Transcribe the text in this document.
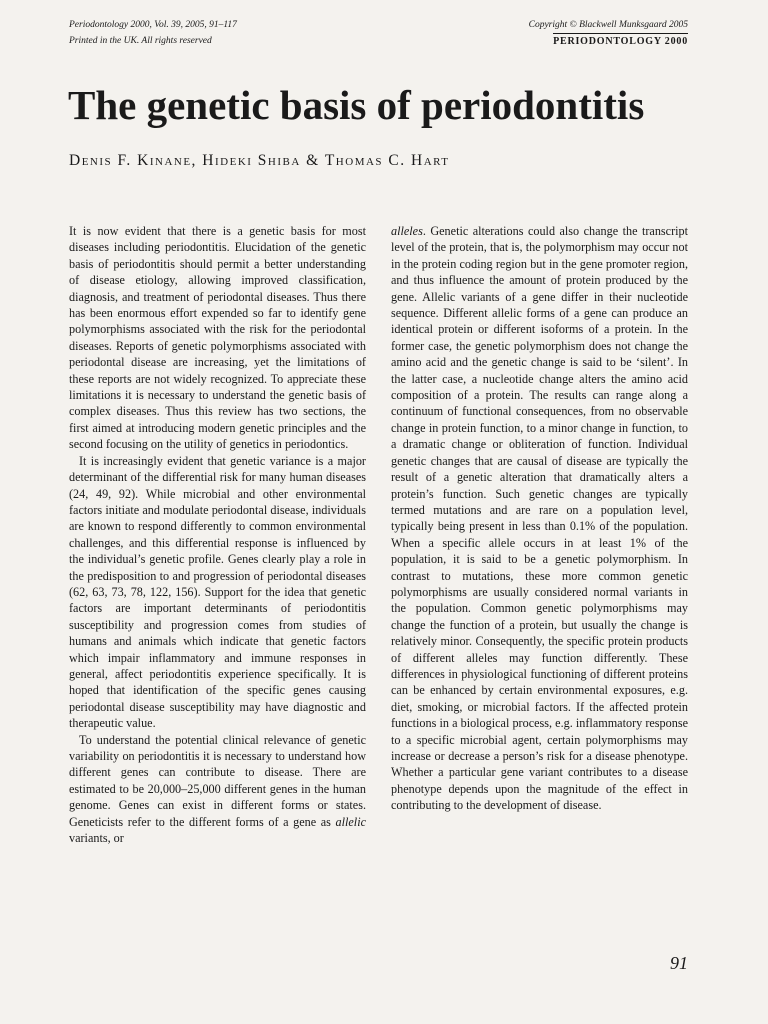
Periodontology 2000, Vol. 39, 2005, 91–117
Printed in the UK. All rights reserved
Copyright © Blackwell Munksgaard 2005
PERIODONTOLOGY 2000
The genetic basis of periodontitis
Denis F. Kinane, Hideki Shiba & Thomas C. Hart

It is now evident that there is a genetic basis for most diseases including periodontitis. Elucidation of the genetic basis of periodontitis should permit a better understanding of disease etiology, allowing improved classification, diagnosis, and treatment of periodontal diseases. Thus there has been enormous effort expended so far to identify gene polymorphisms associated with the risk for the periodontal diseases. Reports of genetic polymorphisms associated with periodontal disease are increasing, yet the limitations of these reports are not widely recognized. To appreciate these limitations it is necessary to understand the genetic basis of complex diseases. Thus this review has two sections, the first aimed at introducing modern genetic principles and the second focusing on the utility of genetics in periodontics.

It is increasingly evident that genetic variance is a major determinant of the differential risk for many human diseases (24, 49, 92). While microbial and other environmental factors initiate and modulate periodontal disease, individuals are known to respond differently to common environmental challenges, and this differential response is influenced by the individual’s genetic profile. Genes clearly play a role in the predisposition to and progression of periodontal diseases (62, 63, 73, 78, 122, 156). Support for the idea that genetic factors are important determinants of periodontitis susceptibility and progression comes from studies of humans and animals which indicate that genetic factors which impair inflammatory and immune responses in general, affect periodontitis experience specifically. It is hoped that identification of the specific genes causing periodontal disease susceptibility may have diagnostic and therapeutic value.

To understand the potential clinical relevance of genetic variability on periodontitis it is necessary to understand how different genes can contribute to disease. There are estimated to be 20,000–25,000 different genes in the human genome. Genes can exist in different forms or states. Geneticists refer to the different forms of a gene as allelic variants, or

alleles. Genetic alterations could also change the transcript level of the protein, that is, the polymorphism may occur not in the protein coding region but in the gene promoter region, and thus influence the amount of protein produced by the gene. Allelic variants of a gene differ in their nucleotide sequence. Different allelic forms of a gene can produce an identical protein or different isoforms of a protein. In the former case, the genetic polymorphism does not change the amino acid and the genetic change is said to be ‘silent’. In the latter case, a nucleotide change alters the amino acid composition of a protein. The results can range along a continuum of functional consequences, from no observable change in protein function, to a minor change in function, to a dramatic change or obliteration of function. Individual genetic changes that are causal of disease are typically the result of a genetic alteration that dramatically alters a protein’s function. Such genetic changes are typically termed mutations and are rare on a population level, typically being present in less than 0.1% of the population. When a specific allele occurs in at least 1% of the population, it is said to be a genetic polymorphism. In contrast to mutations, these more common genetic polymorphisms are usually considered normal variants in the population. Common genetic polymorphisms may change the function of a protein, but usually the change is relatively minor. Consequently, the specific protein products of different alleles may function differently. These differences in physiological functioning of different proteins can be enhanced by certain environmental exposures, e.g. diet, smoking, or microbial factors. If the affected protein functions in a biological process, e.g. inflammatory response to a specific microbial agent, certain polymorphisms may increase or decrease a person’s risk for a disease phenotype. Whether a particular gene variant contributes to a disease phenotype depends upon the magnitude of the effect in contributing to the development of disease.

91
